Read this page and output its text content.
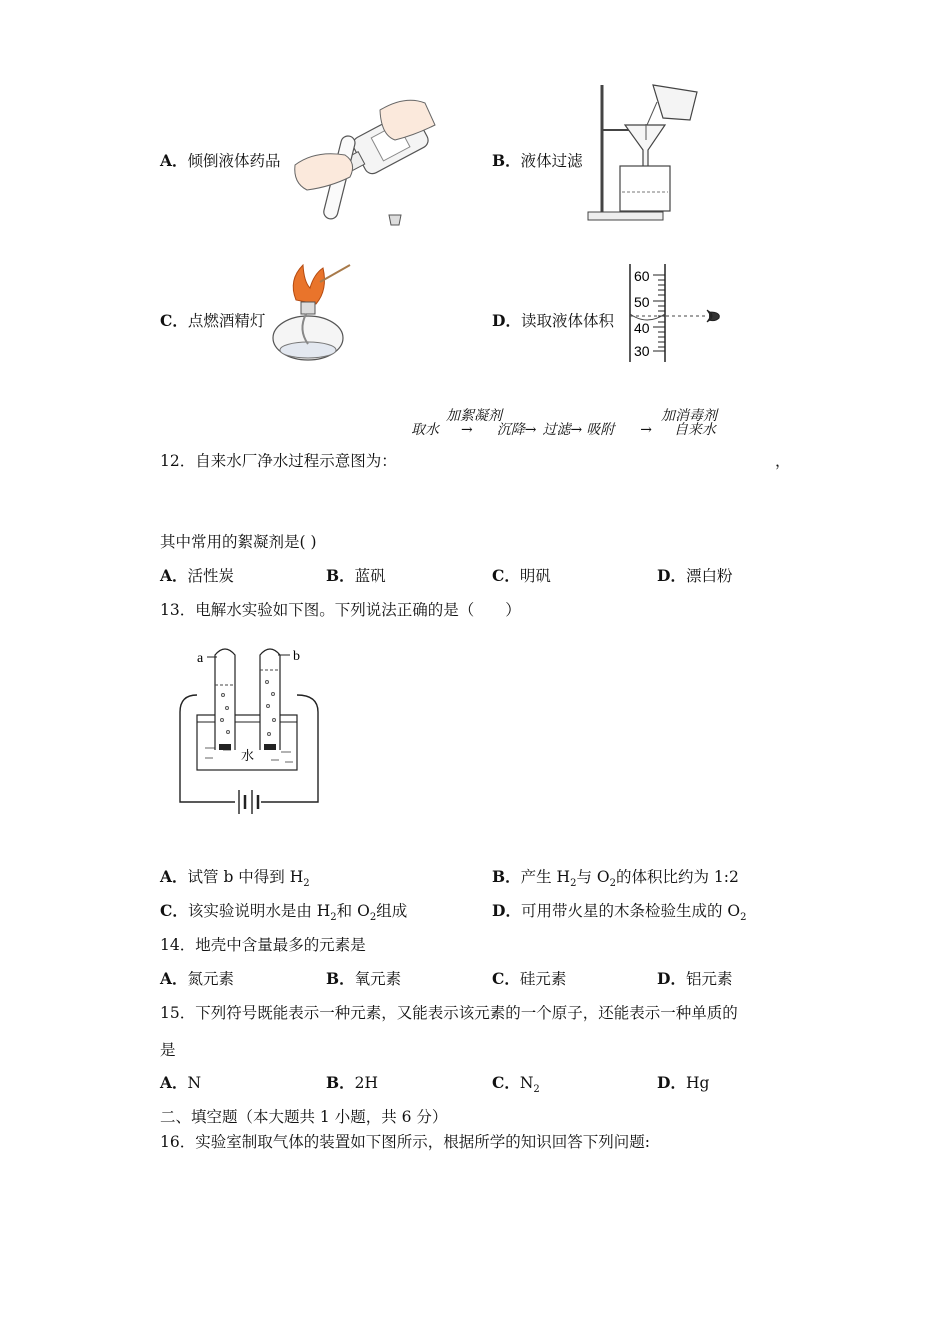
A．倾倒液体药品	B．液体过滤
C．点燃酒精灯	D．读取液体体积
60
50
40
30
加絮凝剂	加消毒剂
取水 → 沉降→ 过滤→ 吸附 → 自来水
12．自来水厂净水过程示意图为：	，
其中常用的絮凝剂是( )
A．活性炭	B．蓝矾	C．明矾	D．漂白粉
13．电解水实验如下图。下列说法正确的是（　　）
a	b
水
A．试管 b 中得到 $H_2$	B．产生 $H_2$与 $O_2$的体积比约为 1:2
C．该实验说明水是由 $H_2$和 $O_2$组成	D．可用带火星的木条检验生成的 $O_2$
14．地壳中含量最多的元素是
A．氮元素	B．氧元素	C．硅元素	D．铝元素
15．下列符号既能表示一种元素，又能表示该元素的一个原子，还能表示一种单质的
是
A．N	B．2H	C．$N_2$	D．Hg
二、填空题（本大题共 1 小题，共 6 分）
16．实验室制取气体的装置如下图所示，根据所学的知识回答下列问题:
